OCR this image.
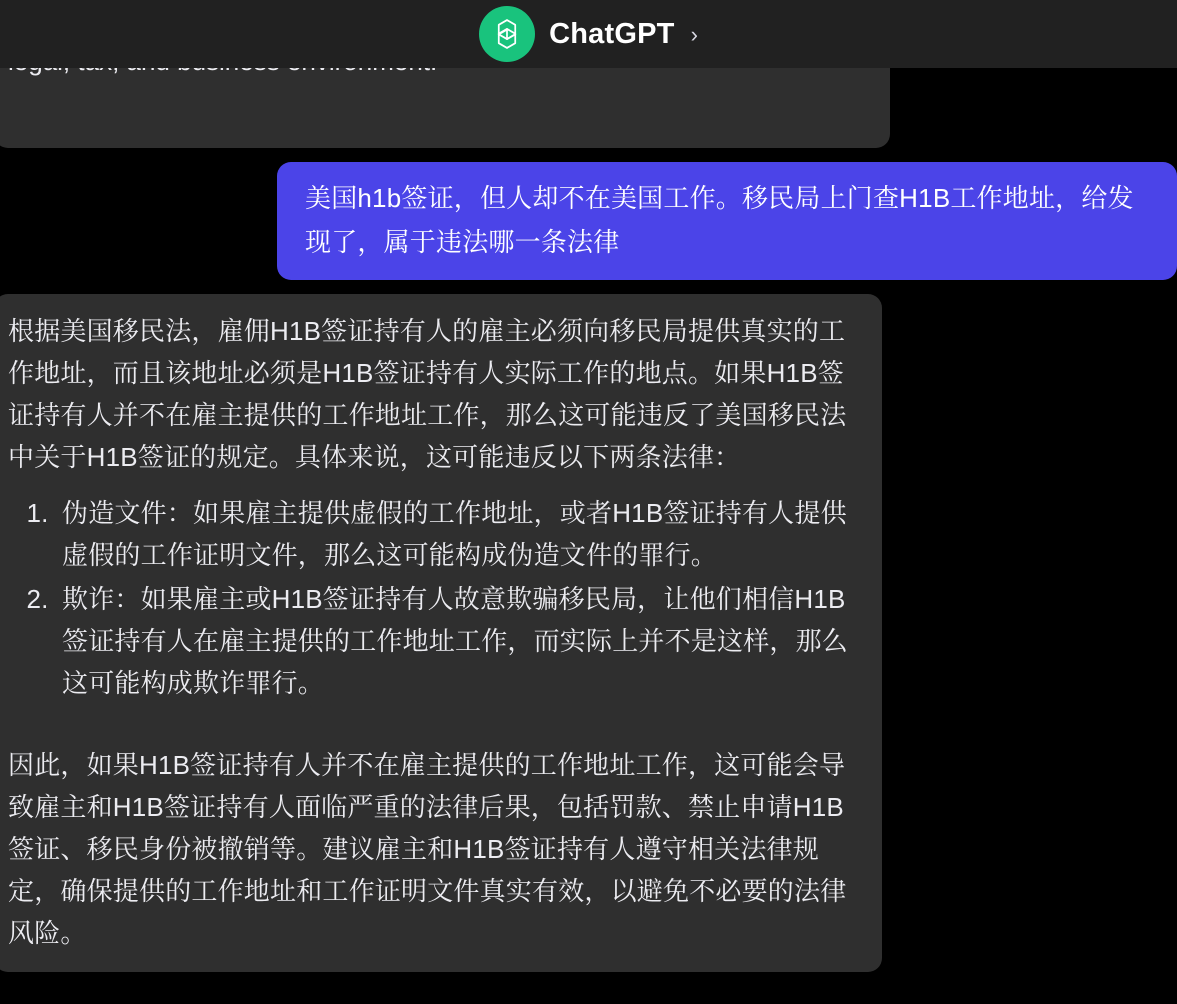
ChatGPT ›
美国h1b签证，但人却不在美国工作。移民局上门查H1B工作地址，给发现了，属于违法哪一条法律

根据美国移民法，雇佣H1B签证持有人的雇主必须向移民局提供真实的工作地址，而且该地址必须是H1B签证持有人实际工作的地点。如果H1B签证持有人并不在雇主提供的工作地址工作，那么这可能违反了美国移民法中关于H1B签证的规定。具体来说，这可能违反以下两条法律：

1. 伪造文件：如果雇主提供虚假的工作地址，或者H1B签证持有人提供虚假的工作证明文件，那么这可能构成伪造文件的罪行。
2. 欺诈：如果雇主或H1B签证持有人故意欺骗移民局，让他们相信H1B签证持有人在雇主提供的工作地址工作，而实际上并不是这样，那么这可能构成欺诈罪行。

因此，如果H1B签证持有人并不在雇主提供的工作地址工作，这可能会导致雇主和H1B签证持有人面临严重的法律后果，包括罚款、禁止申请H1B签证、移民身份被撤销等。建议雇主和H1B签证持有人遵守相关法律规定，确保提供的工作地址和工作证明文件真实有效，以避免不必要的法律风险。
